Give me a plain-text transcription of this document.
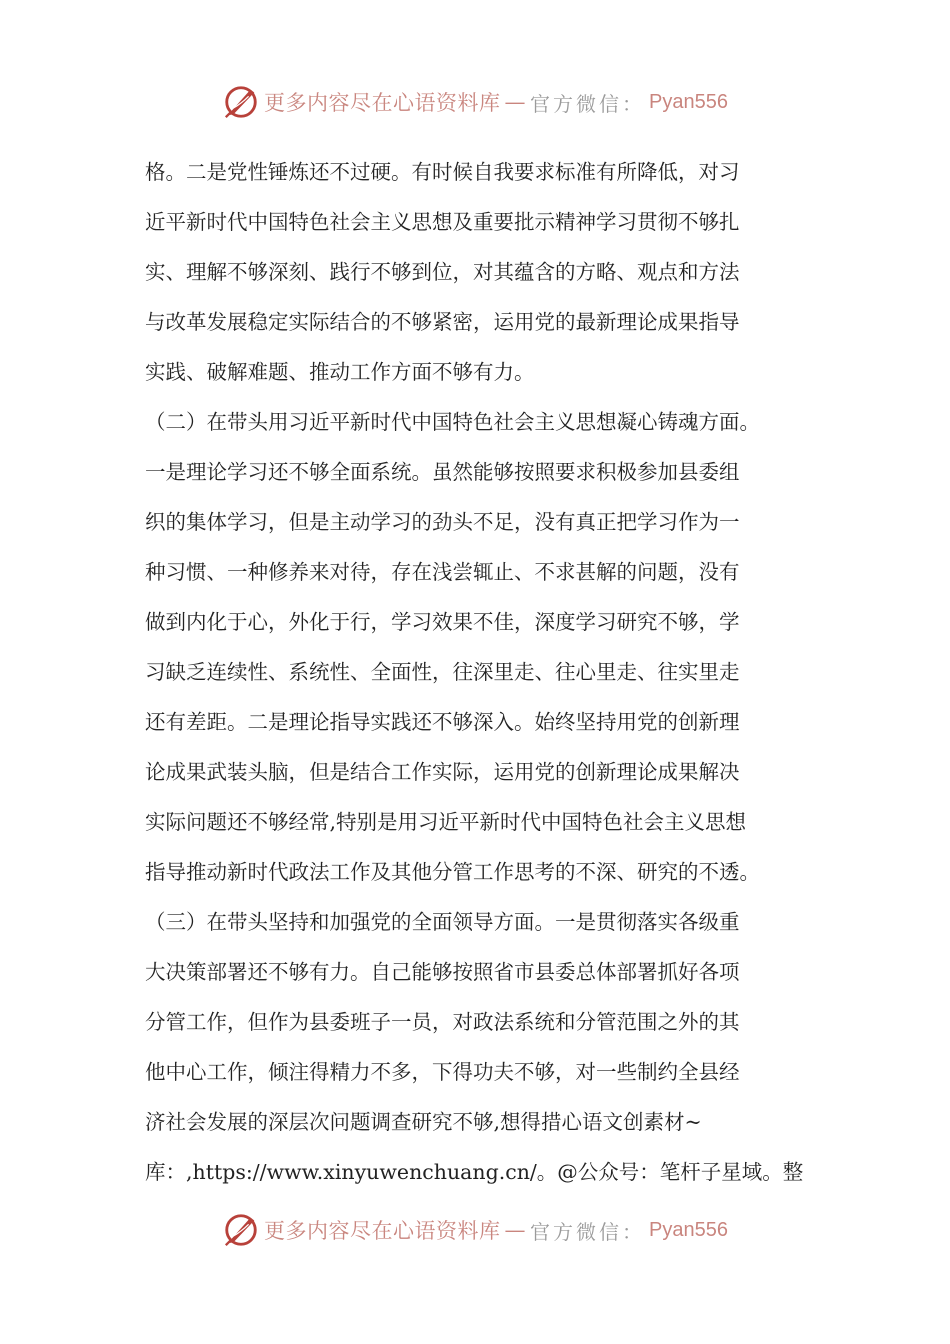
更多内容尽在心语资料库 — 官方微信： Pyan556
格。二是党性锤炼还不过硬。有时候自我要求标准有所降低，对习
近平新时代中国特色社会主义思想及重要批示精神学习贯彻不够扎
实、理解不够深刻、践行不够到位，对其蕴含的方略、观点和方法
与改革发展稳定实际结合的不够紧密，运用党的最新理论成果指导
实践、破解难题、推动工作方面不够有力。
（二）在带头用习近平新时代中国特色社会主义思想凝心铸魂方面。
一是理论学习还不够全面系统。虽然能够按照要求积极参加县委组
织的集体学习，但是主动学习的劲头不足，没有真正把学习作为一
种习惯、一种修养来对待，存在浅尝辄止、不求甚解的问题，没有
做到内化于心，外化于行，学习效果不佳，深度学习研究不够，学
习缺乏连续性、系统性、全面性，往深里走、往心里走、往实里走
还有差距。二是理论指导实践还不够深入。始终坚持用党的创新理
论成果武装头脑，但是结合工作实际，运用党的创新理论成果解决
实际问题还不够经常,特别是用习近平新时代中国特色社会主义思想
指导推动新时代政法工作及其他分管工作思考的不深、研究的不透。
（三）在带头坚持和加强党的全面领导方面。一是贯彻落实各级重
大决策部署还不够有力。自己能够按照省市县委总体部署抓好各项
分管工作，但作为县委班子一员，对政法系统和分管范围之外的其
他中心工作，倾注得精力不多，下得功夫不够，对一些制约全县经
济社会发展的深层次问题调查研究不够,想得措心语文创素材~
库：,https://www.xinyuwenchuang.cn/。@公众号：笔杆子星域。整
更多内容尽在心语资料库 — 官方微信： Pyan556
